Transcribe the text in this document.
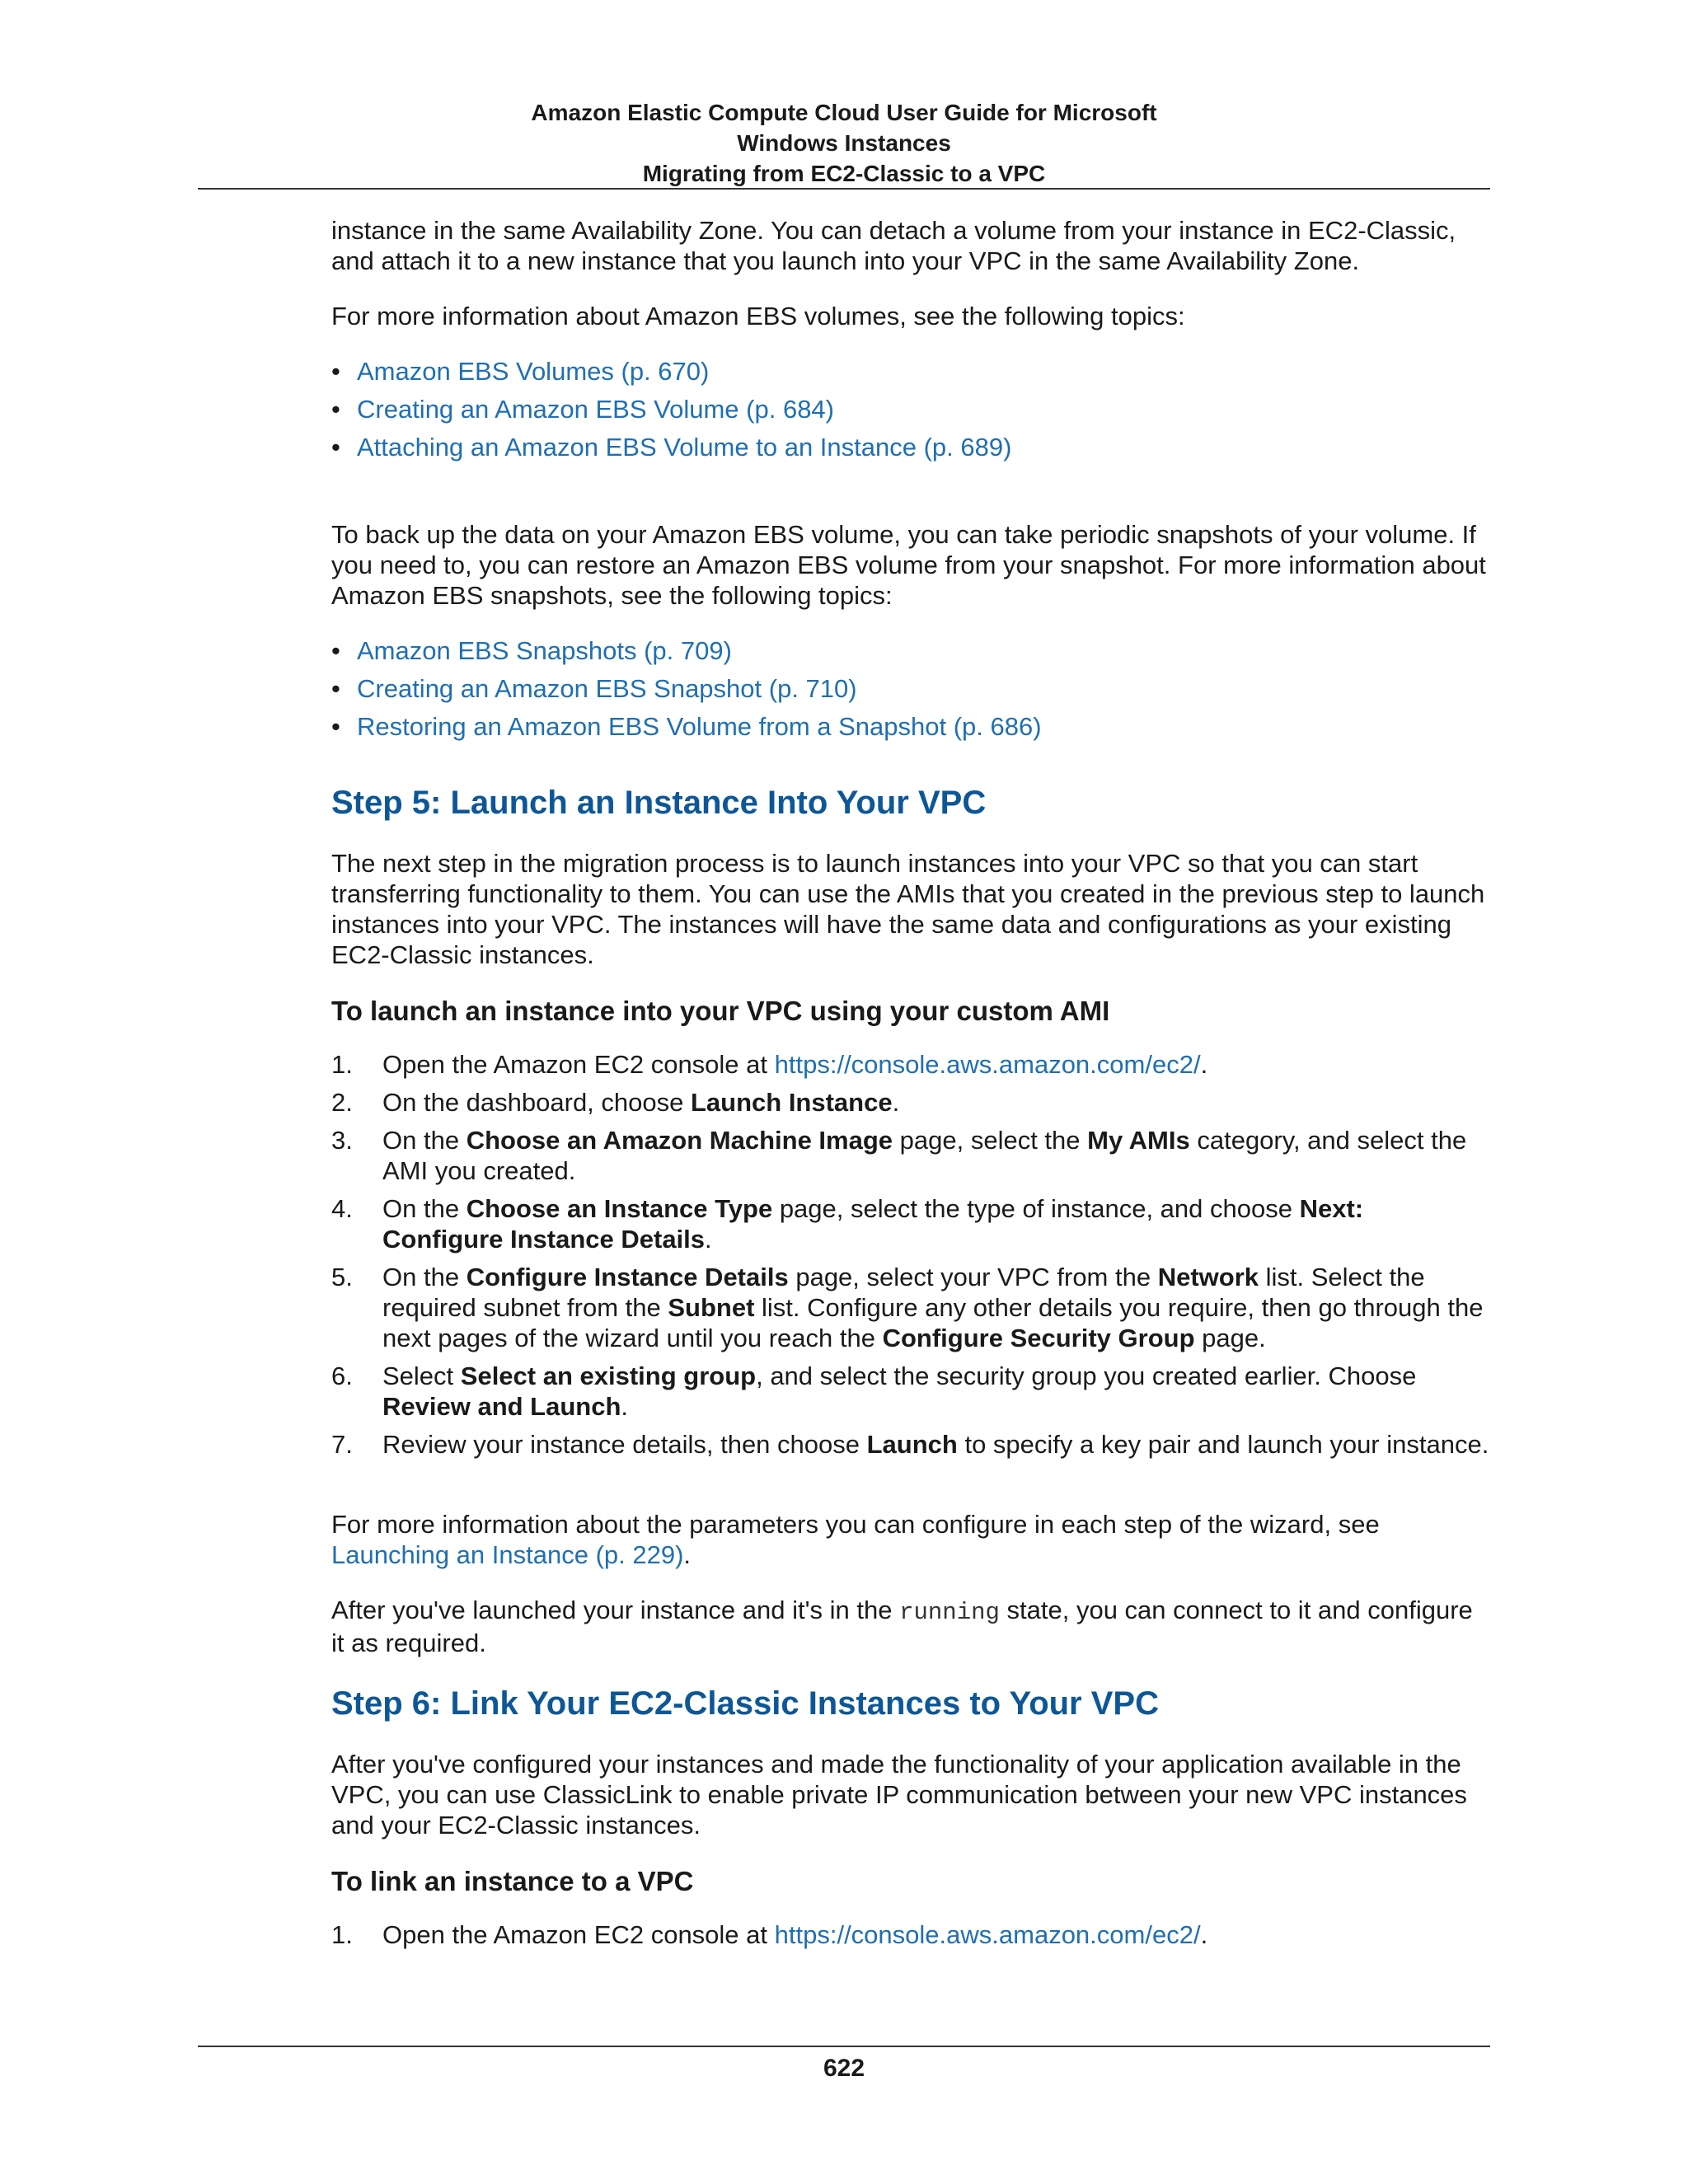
Amazon Elastic Compute Cloud User Guide for Microsoft
Windows Instances
Migrating from EC2-Classic to a VPC

instance in the same Availability Zone. You can detach a volume from your instance in EC2-Classic, and attach it to a new instance that you launch into your VPC in the same Availability Zone.

For more information about Amazon EBS volumes, see the following topics:

• Amazon EBS Volumes (p. 670)
• Creating an Amazon EBS Volume (p. 684)
• Attaching an Amazon EBS Volume to an Instance (p. 689)

To back up the data on your Amazon EBS volume, you can take periodic snapshots of your volume. If you need to, you can restore an Amazon EBS volume from your snapshot. For more information about Amazon EBS snapshots, see the following topics:

• Amazon EBS Snapshots (p. 709)
• Creating an Amazon EBS Snapshot (p. 710)
• Restoring an Amazon EBS Volume from a Snapshot (p. 686)
Step 5: Launch an Instance Into Your VPC

The next step in the migration process is to launch instances into your VPC so that you can start transferring functionality to them. You can use the AMIs that you created in the previous step to launch instances into your VPC. The instances will have the same data and configurations as your existing EC2-Classic instances.

To launch an instance into your VPC using your custom AMI
1. Open the Amazon EC2 console at https://console.aws.amazon.com/ec2/.
2. On the dashboard, choose Launch Instance.
3. On the Choose an Amazon Machine Image page, select the My AMIs category, and select the AMI you created.
4. On the Choose an Instance Type page, select the type of instance, and choose Next: Configure Instance Details.
5. On the Configure Instance Details page, select your VPC from the Network list. Select the required subnet from the Subnet list. Configure any other details you require, then go through the next pages of the wizard until you reach the Configure Security Group page.
6. Select Select an existing group, and select the security group you created earlier. Choose Review and Launch.
7. Review your instance details, then choose Launch to specify a key pair and launch your instance.

For more information about the parameters you can configure in each step of the wizard, see Launching an Instance (p. 229).

After you've launched your instance and it's in the running state, you can connect to it and configure it as required.

Step 6: Link Your EC2-Classic Instances to Your VPC

After you've configured your instances and made the functionality of your application available in the VPC, you can use ClassicLink to enable private IP communication between your new VPC instances and your EC2-Classic instances.

To link an instance to a VPC
1. Open the Amazon EC2 console at https://console.aws.amazon.com/ec2/.
622
